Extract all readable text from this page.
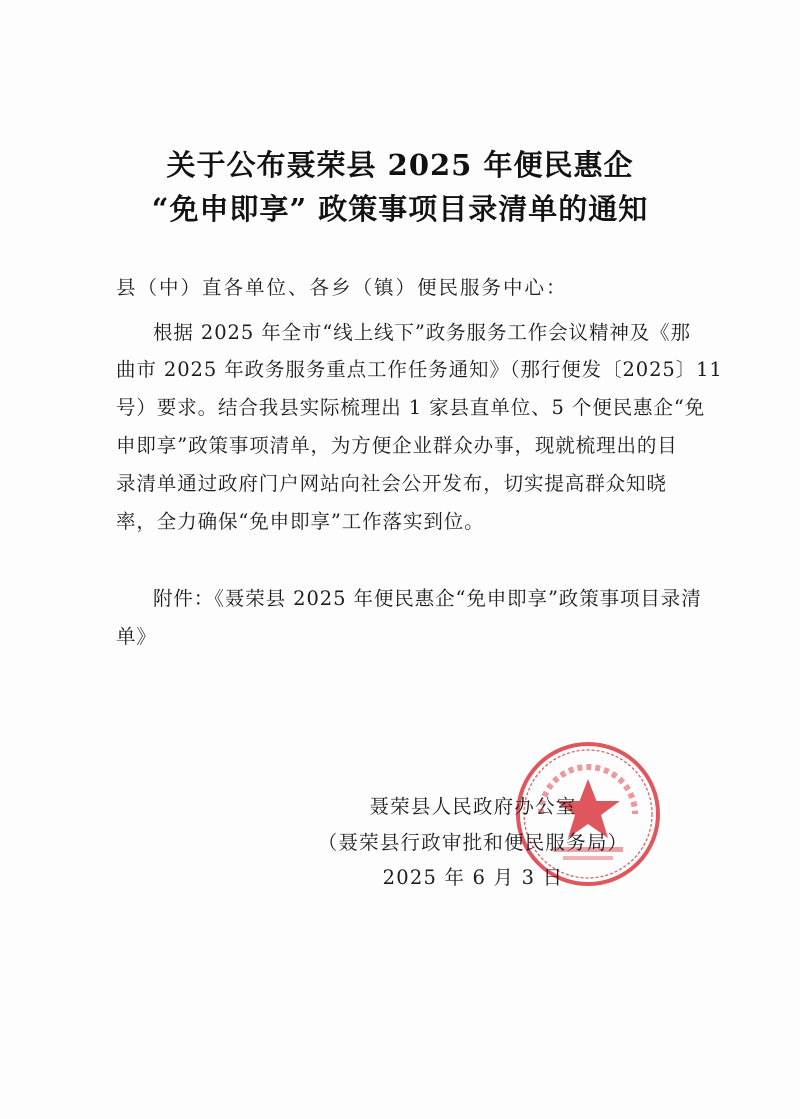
关于公布聂荣县 2025 年便民惠企
“免申即享” 政策事项目录清单的通知
县（中）直各单位、各乡（镇）便民服务中心：
根据 2025 年全市“线上线下”政务服务工作会议精神及《那
曲市 2025 年政务服务重点工作任务通知》（那行便发〔2025〕11
号）要求。结合我县实际梳理出 1 家县直单位、5 个便民惠企“免
申即享”政策事项清单，为方便企业群众办事，现就梳理出的目
录清单通过政府门户网站向社会公开发布，切实提高群众知晓
率，全力确保“免申即享”工作落实到位。
附件：《聂荣县 2025 年便民惠企“免申即享”政策事项目录清
单》
聂荣县人民政府办公室
（聂荣县行政审批和便民服务局）
2025 年 6 月 3 日
